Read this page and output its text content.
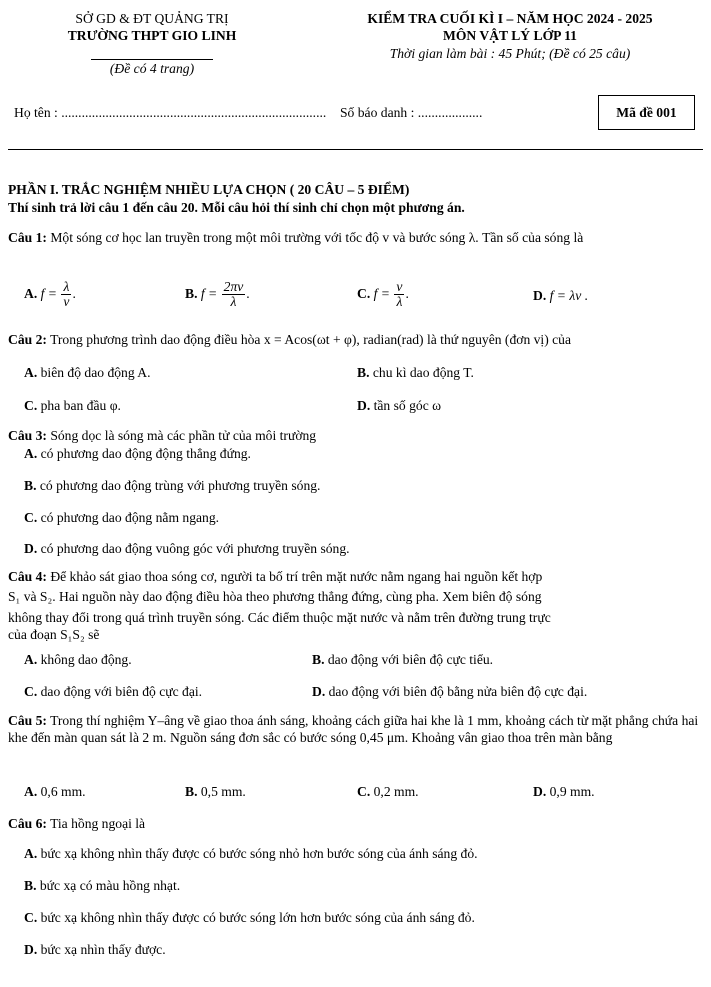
SỞ GD & ĐT QUẢNG TRỊ
TRƯỜNG THPT GIO LINH
(Đề có 4 trang)
KIỂM TRA CUỐI KÌ I – NĂM HỌC 2024 - 2025
MÔN VẬT LÝ LỚP 11
Thời gian làm bài : 45 Phút; (Đề có 25 câu)
Họ tên : .............................................................................. Số báo danh : ...................	Mã đề 001
PHẦN I. TRẮC NGHIỆM NHIỀU LỰA CHỌN ( 20 CÂU – 5 ĐIỂM)
Thí sinh trả lời câu 1 đến câu 20. Mỗi câu hỏi thí sinh chỉ chọn một phương án.
Câu 1: Một sóng cơ học lan truyền trong một môi trường với tốc độ v và bước sóng λ. Tần số của sóng là
A. $f = \frac{\lambda}{v}$ .	B. $f = \frac{2\pi v}{\lambda}$ .	C. $f = \frac{v}{\lambda}$ .	D. f = λv .
Câu 2: Trong phương trình dao động điều hòa x = Acos(ωt + φ), radian(rad) là thứ nguyên (đơn vị) của
A. biên độ dao động A.	B. chu kì dao động T.
C. pha ban đầu φ.	D. tần số góc ω
Câu 3: Sóng dọc là sóng mà các phần tử của môi trường
A. có phương dao động động thẳng đứng.
B. có phương dao động trùng với phương truyền sóng.
C. có phương dao động nằm ngang.
D. có phương dao động vuông góc với phương truyền sóng.
Câu 4: Để khảo sát giao thoa sóng cơ, người ta bố trí trên mặt nước nằm ngang hai nguồn kết hợp
S₁ và S₂. Hai nguồn này dao động điều hòa theo phương thẳng đứng, cùng pha. Xem biên độ sóng
không thay đổi trong quá trình truyền sóng. Các điểm thuộc mặt nước và nằm trên đường trung trực
của đoạn S₁S₂ sẽ
A. không dao động.	B. dao động với biên độ cực tiểu.
C. dao động với biên độ cực đại.	D. dao động với biên độ bằng nửa biên độ cực đại.
Câu 5: Trong thí nghiệm Y–âng về giao thoa ánh sáng, khoảng cách giữa hai khe là 1 mm, khoảng cách từ mặt phẳng chứa hai khe đến màn quan sát là 2 m. Nguồn sáng đơn sắc có bước sóng 0,45 μm. Khoảng vân giao thoa trên màn bằng
A. 0,6 mm.	B. 0,5 mm.	C. 0,2 mm.	D. 0,9 mm.
Câu 6: Tia hồng ngoại là
A. bức xạ không nhìn thấy được có bước sóng nhỏ hơn bước sóng của ánh sáng đỏ.
B. bức xạ có màu hồng nhạt.
C. bức xạ không nhìn thấy được có bước sóng lớn hơn bước sóng của ánh sáng đỏ.
D. bức xạ nhìn thấy được.
